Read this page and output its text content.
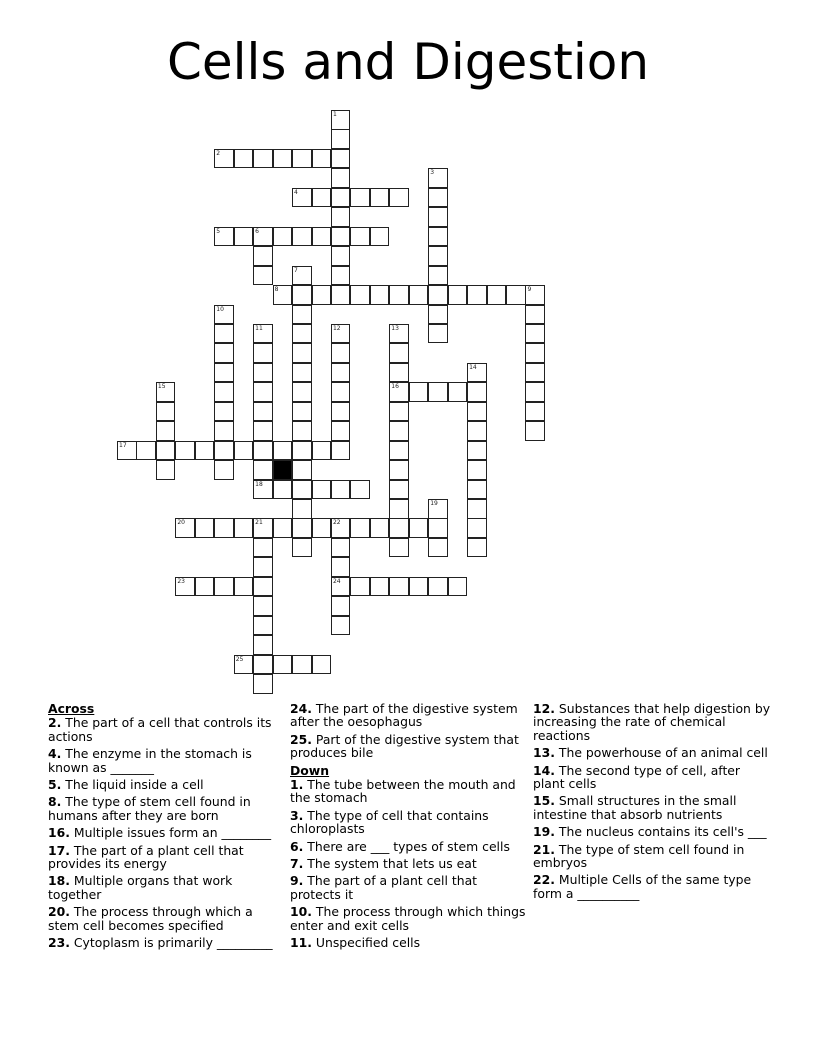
Cells and Digestion
1
2
3
4
5	6
7
8	9
10
11
18
12	13
16
14
15
17
19
20	21	22
24
23
25
Across
2. The part of a cell that controls its actions
4. The enzyme in the stomach is known as _______
5. The liquid inside a cell
8. The type of stem cell found in humans after they are born
16. Multiple issues form an ________
17. The part of a plant cell that provides its energy
18. Multiple organs that work together
20. The process through which a stem cell becomes specified
23. Cytoplasm is primarily _________
24. The part of the digestive system after the oesophagus
25. Part of the digestive system that produces bile
Down
1. The tube between the mouth and the stomach
3. The type of cell that contains chloroplasts
6. There are ___ types of stem cells
7. The system that lets us eat
9. The part of a plant cell that protects it
10. The process through which things enter and exit cells
11. Unspecified cells
12. Substances that help digestion by increasing the rate of chemical reactions
13. The powerhouse of an animal cell
14. The second type of cell, after plant cells
15. Small structures in the small intestine that absorb nutrients
19. The nucleus contains its cell's ___
21. The type of stem cell found in embryos
22. Multiple Cells of the same type form a __________
